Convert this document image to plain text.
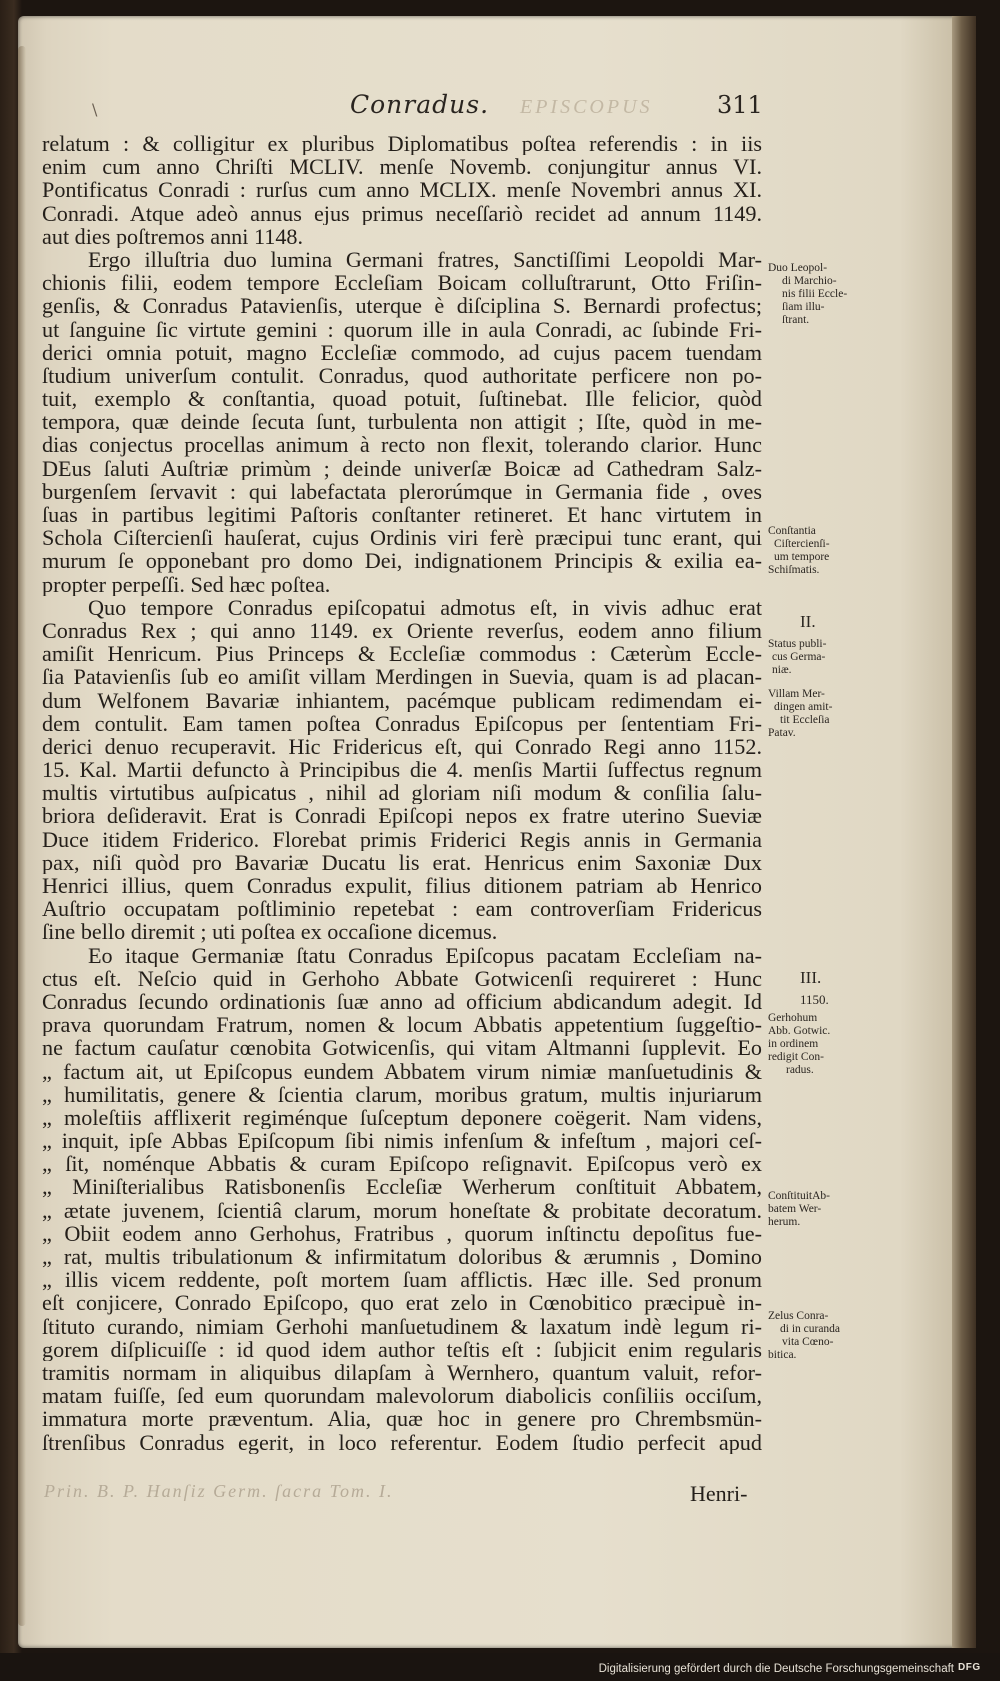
\	EPISCOPUS
Conradus.	311
relatum : & colligitur ex pluribus Diplomatibus poſtea referendis : in iis
enim cum anno Chriſti MCLIV. menſe Novemb. conjungitur annus VI.
Pontificatus Conradi : rurſus cum anno MCLIX. menſe Novembri annus XI.
Conradi. Atque adeò annus ejus primus neceſſariò recidet ad annum 1149.
aut dies poſtremos anni 1148.
Ergo illuſtria duo lumina Germani fratres, Sanctiſſimi Leopoldi Mar-
chionis filii, eodem tempore Eccleſiam Boicam colluſtrarunt, Otto Friſin-
genſis, & Conradus Patavienſis, uterque è diſciplina S. Bernardi profectus;
ut ſanguine ſic virtute gemini : quorum ille in aula Conradi, ac ſubinde Fri-
derici omnia potuit, magno Eccleſiæ commodo, ad cujus pacem tuendam
ſtudium univerſum contulit. Conradus, quod authoritate perficere non po-
tuit, exemplo & conſtantia, quoad potuit, ſuſtinebat. Ille felicior, quòd
tempora, quæ deinde ſecuta ſunt, turbulenta non attigit ; Iſte, quòd in me-
dias conjectus procellas animum à recto non flexit, tolerando clarior. Hunc
DEus ſaluti Auſtriæ primùm ; deinde univerſæ Boicæ ad Cathedram Salz-
burgenſem ſervavit : qui labefactata plerorúmque in Germania fide , oves
ſuas in partibus legitimi Paſtoris conſtanter retineret. Et hanc virtutem in
Schola Ciſtercienſi hauſerat, cujus Ordinis viri ferè præcipui tunc erant, qui
murum ſe opponebant pro domo Dei, indignationem Principis & exilia ea-
propter perpeſſi. Sed hæc poſtea.
Quo tempore Conradus epiſcopatui admotus eſt, in vivis adhuc erat
Conradus Rex ; qui anno 1149. ex Oriente reverſus, eodem anno filium
amiſit Henricum. Pius Princeps & Eccleſiæ commodus : Cæterùm Eccle-
ſia Patavienſis ſub eo amiſit villam Merdingen in Suevia, quam is ad placan-
dum Welfonem Bavariæ inhiantem, pacémque publicam redimendam ei-
dem contulit. Eam tamen poſtea Conradus Epiſcopus per ſententiam Fri-
derici denuo recuperavit. Hic Fridericus eſt, qui Conrado Regi anno 1152.
15. Kal. Martii defuncto à Principibus die 4. menſis Martii ſuffectus regnum
multis virtutibus auſpicatus , nihil ad gloriam niſi modum & conſilia ſalu-
briora deſideravit. Erat is Conradi Epiſcopi nepos ex fratre uterino Sueviæ
Duce itidem Friderico. Florebat primis Friderici Regis annis in Germania
pax, niſi quòd pro Bavariæ Ducatu lis erat. Henricus enim Saxoniæ Dux
Henrici illius, quem Conradus expulit, filius ditionem patriam ab Henrico
Auſtrio occupatam poſtliminio repetebat : eam controverſiam Fridericus
ſine bello diremit ; uti poſtea ex occaſione dicemus.
Eo itaque Germaniæ ſtatu Conradus Epiſcopus pacatam Eccleſiam na-
ctus eſt. Neſcio quid in Gerhoho Abbate Gotwicenſi requireret : Hunc
Conradus ſecundo ordinationis ſuæ anno ad officium abdicandum adegit. Id
prava quorundam Fratrum, nomen & locum Abbatis appetentium ſuggeſtio-
ne factum cauſatur cœnobita Gotwicenſis, qui vitam Altmanni ſupplevit. Eo
„ factum ait, ut Epiſcopus eundem Abbatem virum nimiæ manſuetudinis &
„ humilitatis, genere & ſcientia clarum, moribus gratum, multis injuriarum
„ moleſtiis afflixerit regiménque ſuſceptum deponere coëgerit. Nam videns,
„ inquit, ipſe Abbas Epiſcopum ſibi nimis infenſum & infeſtum , majori ceſ-
„ ſit, noménque Abbatis & curam Epiſcopo reſignavit. Epiſcopus verò ex
„ Miniſterialibus Ratisbonenſis Eccleſiæ Werherum conſtituit Abbatem,
„ ætate juvenem, ſcientiâ clarum, morum honeſtate & probitate decoratum.
„ Obiit eodem anno Gerhohus, Fratribus , quorum inſtinctu depoſitus fue-
„ rat, multis tribulationum & infirmitatum doloribus & ærumnis , Domino
„ illis vicem reddente, poſt mortem ſuam afflictis. Hæc ille. Sed pronum
eſt conjicere, Conrado Epiſcopo, quo erat zelo in Cœnobitico præcipuè in-
ſtituto curando, nimiam Gerhohi manſuetudinem & laxatum indè legum ri-
gorem diſplicuiſſe : id quod idem author teſtis eſt : ſubjicit enim regularis
tramitis normam in aliquibus dilapſam à Wernhero, quantum valuit, refor-
matam fuiſſe, ſed eum quorundam malevolorum diabolicis conſiliis occiſum,
immatura morte præventum. Alia, quæ hoc in genere pro Chrembsmün-
ſtrenſibus Conradus egerit, in loco referentur. Eodem ſtudio perfecit apud
Duo Leopol-
di Marchio-
nis filii Eccle-
ſiam illu-
ſtrant.
Conſtantia
Ciſtercienſi-
um tempore
Schiſmatis.
II.
Status publi-
cus Germa-
niæ.
Villam Mer-
dingen amit-
tit Eccleſia
Patav.
III.
1150.
Gerhohum
Abb. Gotwic.
in ordinem
redigit Con-
radus.
ConſtituitAb-
batem Wer-
herum.
Zelus Conra-
di in curanda
vita Cœno-
bitica.
Prin. B. P. Hanſiz Germ. ſacra Tom. I.	Henri-
Digitalisierung gefördert durch die Deutsche Forschungsgemeinschaft DFG
